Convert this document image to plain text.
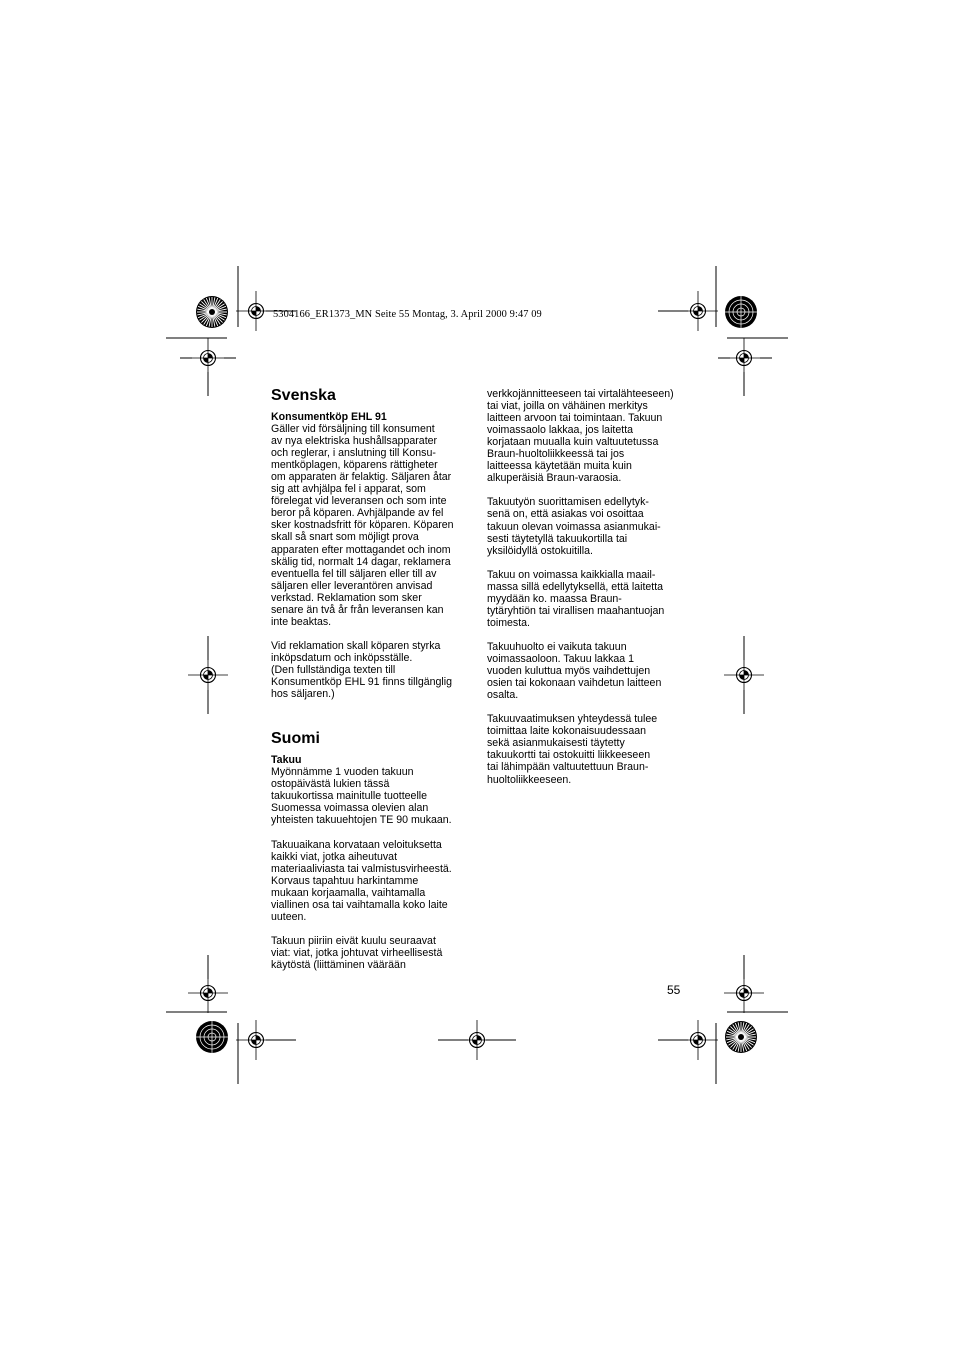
5304166_ER1373_MN Seite 55 Montag, 3. April 2000 9:47 09
Svenska
Konsumentköp EHL 91

Gäller vid försäljning till konsument
av nya elektriska hushållsapparater
och reglerar, i anslutning till Konsu-
mentköplagen, köparens rättigheter
om apparaten är felaktig. Säljaren åtar
sig att avhjälpa fel i apparat, som
förelegat vid leveransen och som inte
beror på köparen. Avhjälpande av fel
sker kostnadsfritt för köparen. Köparen
skall så snart som möjligt prova
apparaten efter mottagandet och inom
skälig tid, normalt 14 dagar, reklamera
eventuella fel till säljaren eller till av
säljaren eller leverantören anvisad
verkstad. Reklamation som sker
senare än två år från leveransen kan
inte beaktas.

Vid reklamation skall köparen styrka
inköpsdatum och inköpsställe.
(Den fullständiga texten till
Konsumentköp EHL 91 finns tillgänglig
hos säljaren.)

Suomi
Takuu

Myönnämme 1 vuoden takuun
ostopäivästä lukien tässä
takuukortissa mainitulle tuotteelle
Suomessa voimassa olevien alan
yhteisten takuuehtojen TE 90 mukaan.

Takuuaikana korvataan veloituksetta
kaikki viat, jotka aiheutuvat
materiaaliviasta tai valmistusvirheestä.
Korvaus tapahtuu harkintamme
mukaan korjaamalla, vaihtamalla
viallinen osa tai vaihtamalla koko laite
uuteen.

Takuun piiriin eivät kuulu seuraavat
viat: viat, jotka johtuvat virheellisestä
käytöstä (liittäminen väärään

verkkojännitteeseen tai virtalähteeseen)
tai viat, joilla on vähäinen merkitys
laitteen arvoon tai toimintaan. Takuun
voimassaolo lakkaa, jos laitetta
korjataan muualla kuin valtuutetussa
Braun-huoltoliikkeessä tai jos
laitteessa käytetään muita kuin
alkuperäisiä Braun-varaosia.

Takuutyön suorittamisen edellytyk-
senä on, että asiakas voi osoittaa
takuun olevan voimassa asianmukai-
sesti täytetyllä takuukortilla tai
yksilöidyllä ostokuitilla.

Takuu on voimassa kaikkialla maail-
massa sillä edellytyksellä, että laitetta
myydään ko. maassa Braun-
tytäryhtiön tai virallisen maahantuojan
toimesta.

Takuuhuolto ei vaikuta takuun
voimassaoloon. Takuu lakkaa 1
vuoden kuluttua myös vaihdettujen
osien tai kokonaan vaihdetun laitteen
osalta.

Takuuvaatimuksen yhteydessä tulee
toimittaa laite kokonaisuudessaan
sekä asianmukaisesti täytetty
takuukortti tai ostokuitti liikkeeseen
tai lähimpään valtuutettuun Braun-
huoltoliikkeeseen.

55
